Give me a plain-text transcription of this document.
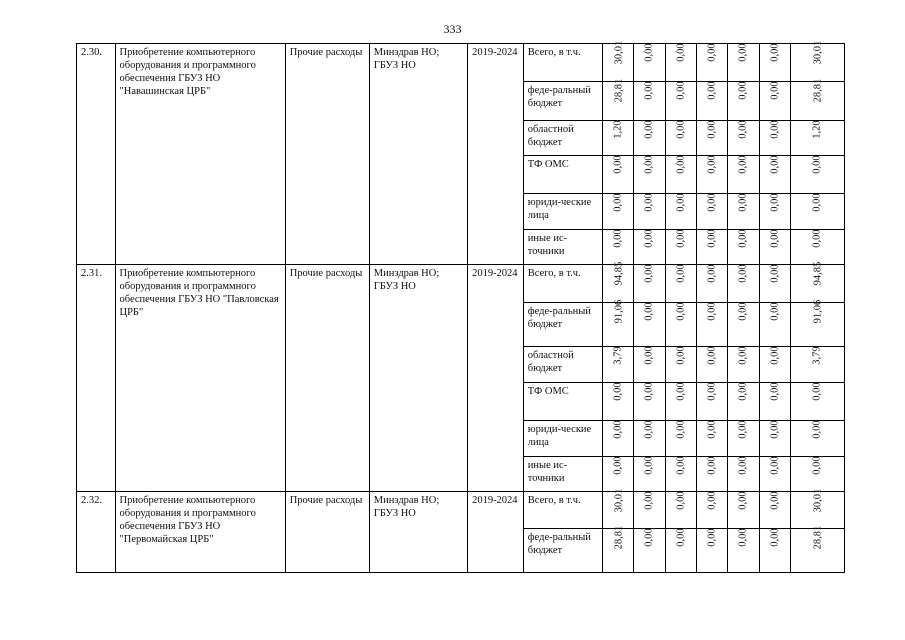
333
2.30.	Приобретение компьютерного оборудования и программного обеспечения ГБУЗ НО "Навашинская ЦРБ"	Прочие расходы	Минздрав НО; ГБУЗ НО	2019-2024	Всего, в т.ч.	30,01	0,00	0,00	0,00	0,00	0,00	30,01
					феде-ральный бюджет	28,81	0,00	0,00	0,00	0,00	0,00	28,81
					областной бюджет	1,20	0,00	0,00	0,00	0,00	0,00	1,20
					ТФ ОМС	0,00	0,00	0,00	0,00	0,00	0,00	0,00
					юриди-ческие лица	0,00	0,00	0,00	0,00	0,00	0,00	0,00
					иные ис-точники	0,00	0,00	0,00	0,00	0,00	0,00	0,00
2.31.	Приобретение компьютерного оборудования и программного обеспечения ГБУЗ НО "Павловская ЦРБ"	Прочие расходы	Минздрав НО; ГБУЗ НО	2019-2024	Всего, в т.ч.	94,85	0,00	0,00	0,00	0,00	0,00	94,85
					феде-ральный бюджет	91,06	0,00	0,00	0,00	0,00	0,00	91,06
					областной бюджет	3,79	0,00	0,00	0,00	0,00	0,00	3,79
					ТФ ОМС	0,00	0,00	0,00	0,00	0,00	0,00	0,00
					юриди-ческие лица	0,00	0,00	0,00	0,00	0,00	0,00	0,00
					иные ис-точники	0,00	0,00	0,00	0,00	0,00	0,00	0,00
2.32.	Приобретение компьютерного оборудования и программного обеспечения ГБУЗ НО "Первомайская ЦРБ"	Прочие расходы	Минздрав НО; ГБУЗ НО	2019-2024	Всего, в т.ч.	30,01	0,00	0,00	0,00	0,00	0,00	30,01
					феде-ральный бюджет	28,81	0,00	0,00	0,00	0,00	0,00	28,81
